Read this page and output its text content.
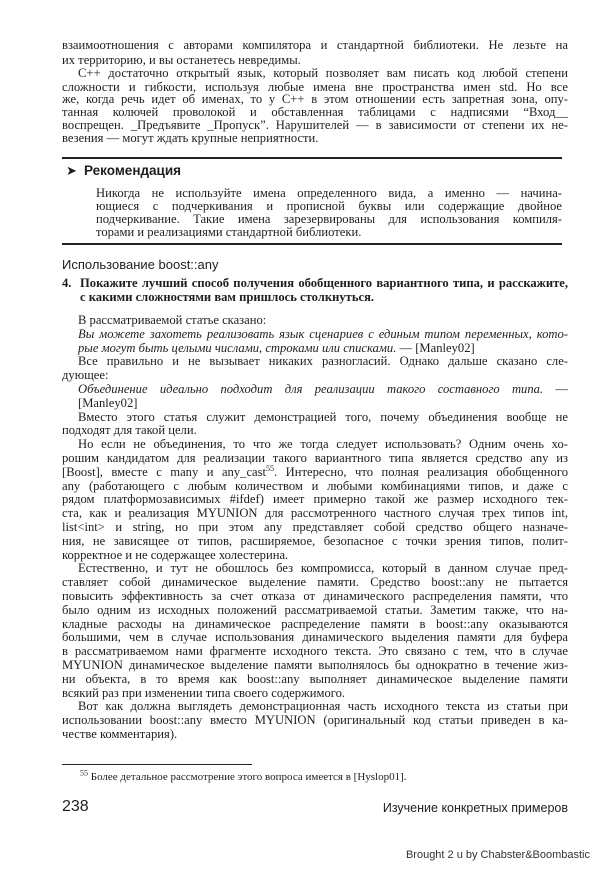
взаимоотношения с авторами компилятора и стандартной библиотеки. Не лезьте на
их территорию, и вы останетесь невредимы.
C++ достаточно открытый язык, который позволяет вам писать код любой степени
сложности и гибкости, используя любые имена вне пространства имен std. Но все
же, когда речь идет об именах, то у C++ в этом отношении есть запретная зона, опу-
танная колючей проволокой и обставленная таблицами с надписями “Вход__
воспрещен. _Предъявите _Пропуск”. Нарушителей — в зависимости от степени их не-
везения — могут ждать крупные неприятности.
➤ Рекомендация
Никогда не используйте имена определенного вида, а именно — начина-
ющиеся с подчеркивания и прописной буквы или содержащие двойное
подчеркивание. Такие имена зарезервированы для использования компиля-
торами и реализациями стандартной библиотеки.
Использование boost::any
4. Покажите лучший способ получения обобщенного вариантного типа, и расскажите,
с какими сложностями вам пришлось столкнуться.
В рассматриваемой статье сказано:
Вы можете захотеть реализовать язык сценариев с единым типом переменных, кото-
рые могут быть целыми числами, строками или списками. — [Manley02]
Все правильно и не вызывает никаких разногласий. Однако дальше сказано сле-
дующее:
Объединение идеально подходит для реализации такого составного типа. —
[Manley02]
Вместо этого статья служит демонстрацией того, почему объединения вообще не
подходят для такой цели.
Но если не объединения, то что же тогда следует использовать? Одним очень хо-
рошим кандидатом для реализации такого вариантного типа является средство any из
[Boost], вместе с many и any_cast$^{55}$. Интересно, что полная реализация обобщенного
any (работающего с любым количеством и любыми комбинациями типов, и даже с
рядом платформозависимых #ifdef) имеет примерно такой же размер исходного тек-
ста, как и реализация MYUNION для рассмотренного частного случая трех типов int,
list<int> и string, но при этом any представляет собой средство общего назначе-
ния, не зависящее от типов, расширяемое, безопасное с точки зрения типов, полит-
корректное и не содержащее холестерина.
Естественно, и тут не обошлось без компромисса, который в данном случае пред-
ставляет собой динамическое выделение памяти. Средство boost::any не пытается
повысить эффективность за счет отказа от динамического распределения памяти, что
было одним из исходных положений рассматриваемой статьи. Заметим также, что на-
кладные расходы на динамическое распределение памяти в boost::any оказываются
большими, чем в случае использования динамического выделения памяти для буфера
в рассматриваемом нами фрагменте исходного текста. Это связано с тем, что в случае
MYUNION динамическое выделение памяти выполнялось бы однократно в течение жиз-
ни объекта, в то время как boost::any выполняет динамическое выделение памяти
всякий раз при изменении типа своего содержимого.
Вот как должна выглядеть демонстрационная часть исходного текста из статьи при
использовании boost::any вместо MYUNION (оригинальный код статьи приведен в ка-
честве комментария).
$^{55}$ Более детальное рассмотрение этого вопроса имеется в [Hyslop01].
238	Изучение конкретных примеров
Brought 2 u by Chabster&Boombastic
